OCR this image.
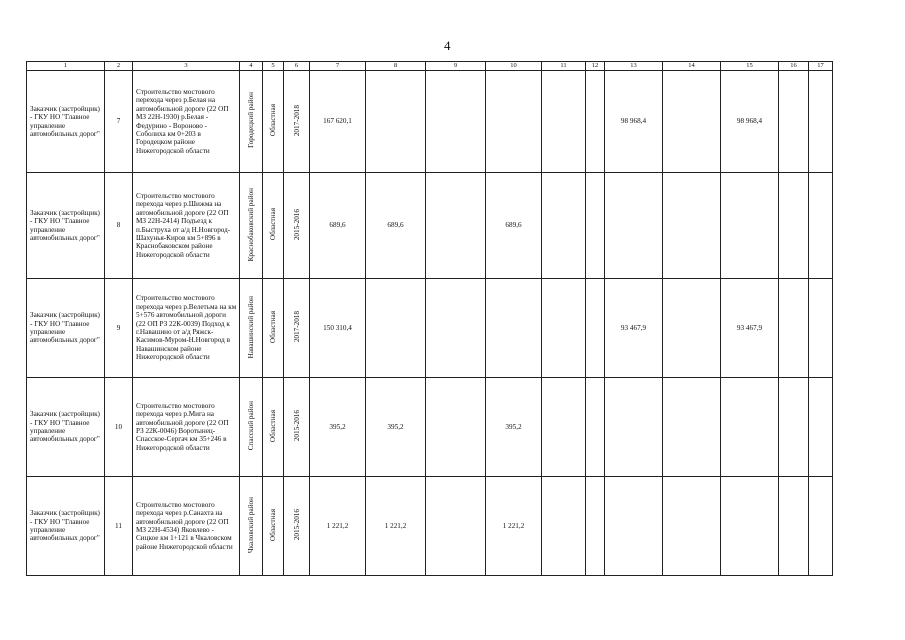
4
1	2	3	4	5	6	7	8	9	10	11	12	13	14	15	16	17
Заказчик (застройщик) - ГКУ НО "Главное управление автомобильных дорог"	7	Строительство мостового перехода через р.Белая на автомобильной дороге (22 ОП МЗ 22Н-1930) р.Белая - Федурино - Вороново - Соболиха км 0+203 в Городецком районе Нижегородской области	Городецкий район	Областная	2017-2018	167 620,1						98 968,4		98 968,4		
Заказчик (застройщик) - ГКУ НО "Главное управление автомобильных дорог"	8	Строительство мостового перехода через р.Шижма на автомобильной дороге (22 ОП МЗ 22Н-2414) Подъезд к п.Быструха от а/д Н.Новгород-Шахунья-Киров км 5+896 в Краснобаковском районе Нижегородской области	Краснобаковский район	Областная	2015-2016	689,6	689,6		689,6							
Заказчик (застройщик) - ГКУ НО "Главное управление автомобильных дорог"	9	Строительство мостового перехода через р.Велетьма на км 5+576 автомобильной дороги (22 ОП РЗ 22К-0039) Подход к г.Навашино от а/д Ряжск-Касимов-Муром-Н.Новгород в Навашинском районе Нижегородской области	Навашинский район	Областная	2017-2018	150 310,4						93 467,9		93 467,9		
Заказчик (застройщик) - ГКУ НО "Главное управление автомобильных дорог"	10	Строительство мостового перехода через р.Мига на автомобильной дороге (22 ОП РЗ 22К-0046) Воротынец-Спасское-Сергач км 35+246 в Нижегородской области	Спасский район	Областная	2015-2016	395,2	395,2		395,2							
Заказчик (застройщик) - ГКУ НО "Главное управление автомобильных дорог"	11	Строительство мостового перехода через р.Санахта на автомобильной дороге (22 ОП МЗ 22Н-4534) Яковлево - Сицкое км 1+121 в Чкаловском районе Нижегородской области	Чкаловский район	Областная	2015-2016	1 221,2	1 221,2		1 221,2							
